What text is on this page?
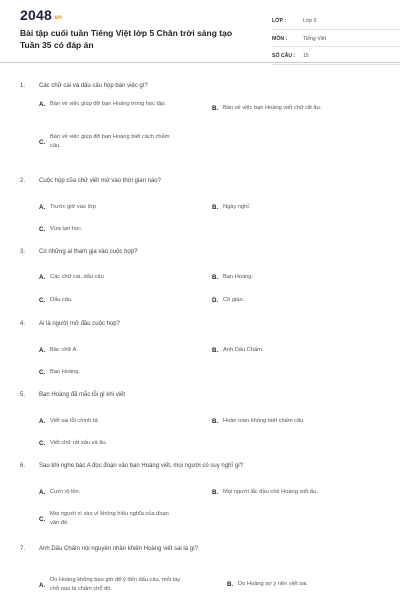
2048.vn
Bài tập cuối tuần Tiếng Việt lớp 5 Chân trời sáng tạo Tuần 35 có đáp án
LỚP :	Lớp 5
MÔN :	Tiếng Việt
SỐ CÂU : 15
1. Các chữ cái và dấu câu họp bàn việc gì?
A. Bàn về việc giúp đỡ bạn Hoàng trong học tập.
B. Bàn về việc bạn Hoàng viết chữ rất ẩu.
C.
Bàn về việc giúp đỡ bạn Hoàng biết cách chấm câu.
2. Cuộc họp của chữ viết mở vào thời gian nào?
A. Trước giờ vào lớp	B. Ngày nghỉ.
C. Vừa tan học.
3. Có những ai tham gia vào cuộc họp?
A. Các chữ cái, dấu câu	B. Bạn Hoàng.
C. Dấu câu.	D. Cô giáo.
4. Ai là người mở đầu cuộc họp?
A. Bác chữ A.	B. Anh Dấu Chấm.
C. Bạn Hoàng.
5. Bạn Hoàng đã mắc lỗi gì khi viết
A. Viết sai lỗi chính tả.	B. Hoàn toàn không biết chấm câu.
C. Viết chữ rất xấu và ẩu.
6. Sau khi nghe bác A đọc đoạn văn bạn Hoàng viết, mọi người có suy nghĩ gì?
A. Cười rộ lên.	B. Mọi người lắc đầu chê Hoàng viết ẩu.
C.
Mọi người xì xào vì không hiểu nghĩa của đoạn văn đó.
7. Anh Dấu Chấm nói nguyên nhân khiến Hoàng viết sai là gì?
A.
Do Hoàng không bao giờ để ý đến dấu câu, mỏi tay chỗ nào là chấm chỗ đó.
B. Do Hoàng sợ ý nên viết sai.
